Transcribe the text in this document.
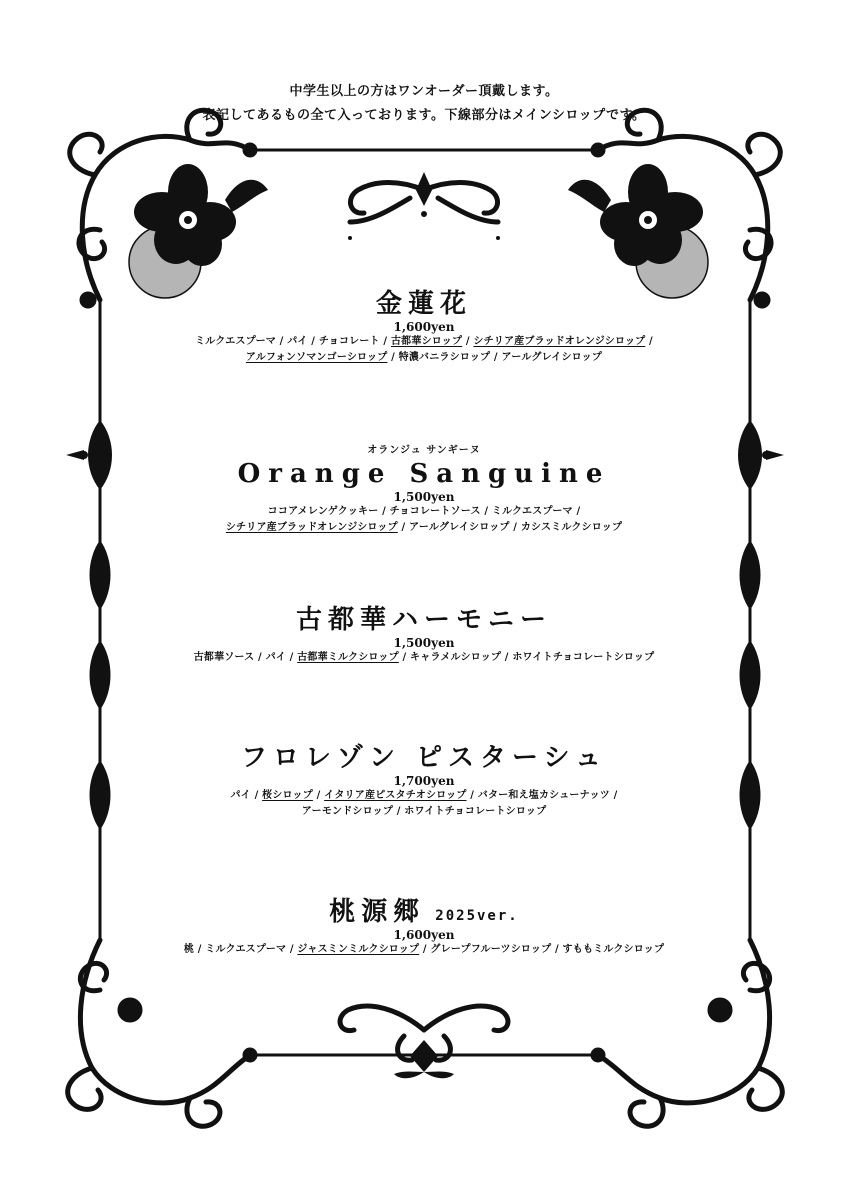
中学生以上の方はワンオーダー頂戴します。
表記してあるもの全て入っております。下線部分はメインシロップです。
金蓮花
1,600yen
ミルクエスプーマ / パイ / チョコレート / 古都華シロップ / シチリア産ブラッドオレンジシロップ /
アルフォンソマンゴーシロップ / 特濃バニラシロップ / アールグレイシロップ
オランジュ サンギーヌ
Orange Sanguine
1,500yen
ココアメレンゲクッキー / チョコレートソース / ミルクエスプーマ /
シチリア産ブラッドオレンジシロップ / アールグレイシロップ / カシスミルクシロップ
古都華ハーモニー
1,500yen
古都華ソース / パイ / 古都華ミルクシロップ / キャラメルシロップ / ホワイトチョコレートシロップ
フロレゾン ピスターシュ
1,700yen
パイ / 桜シロップ / イタリア産ピスタチオシロップ / バター和え塩カシューナッツ /
アーモンドシロップ / ホワイトチョコレートシロップ
桃源郷 2025ver.
1,600yen
桃 / ミルクエスプーマ / ジャスミンミルクシロップ / グレープフルーツシロップ / すももミルクシロップ
